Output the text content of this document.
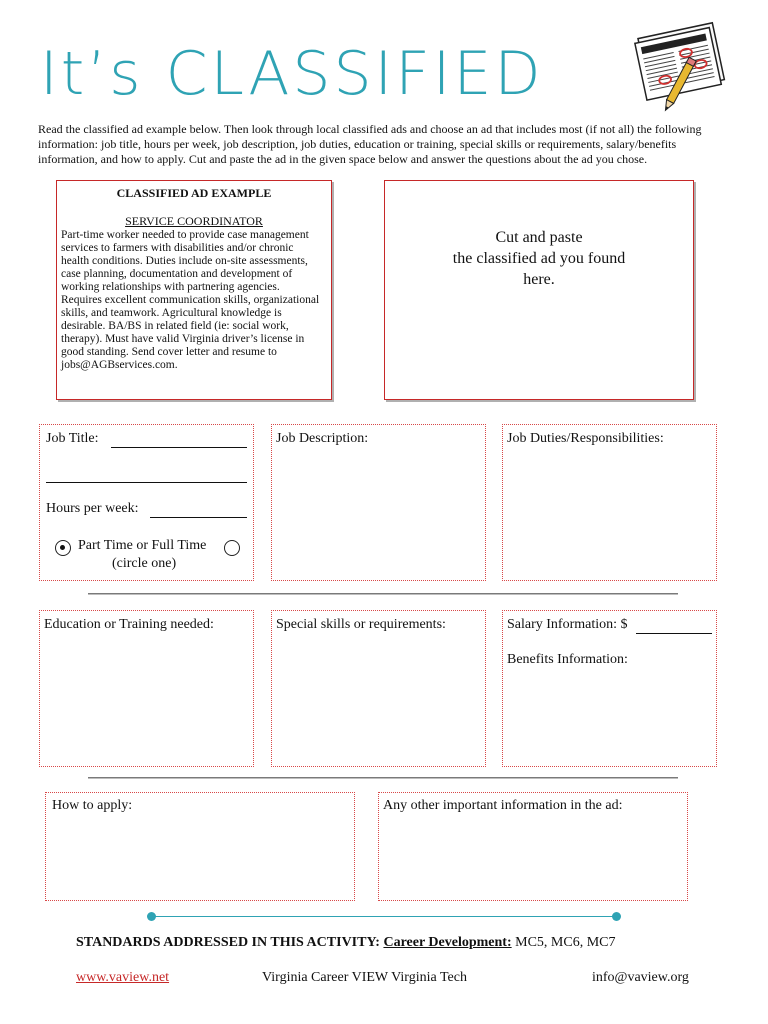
It’s CLASSIFIED
Read the classified ad example below. Then look through local classified ads and choose an ad that includes most (if not all) the following information: job title, hours per week, job description, job duties, education or training, special skills or requirements, salary/benefits information, and how to apply. Cut and paste the ad in the given space below and answer the questions about the ad you chose.
CLASSIFIED AD EXAMPLE
SERVICE COORDINATOR
Part-time worker needed to provide case management services to farmers with disabilities and/or chronic health conditions. Duties include on-site assessments, case planning, documentation and development of working relationships with partnering agencies. Requires excellent communication skills, organizational skills, and teamwork. Agricultural knowledge is desirable. BA/BS in related field (ie: social work, therapy). Must have valid Virginia driver’s license in good standing. Send cover letter and resume to jobs@AGBservices.com.
Cut and paste
the classified ad you found
here.
Job Title:
Hours per week:
Part Time or Full Time
(circle one)
Job Description:	Job Duties/Responsibilities:
Education or Training needed:	Special skills or requirements:	Salary Information: $
Benefits Information:
How to apply:	Any other important information in the ad:
STANDARDS ADDRESSED IN THIS ACTIVITY: Career Development: MC5, MC6, MC7
www.vaview.net	Virginia Career VIEW Virginia Tech	info@vaview.org
